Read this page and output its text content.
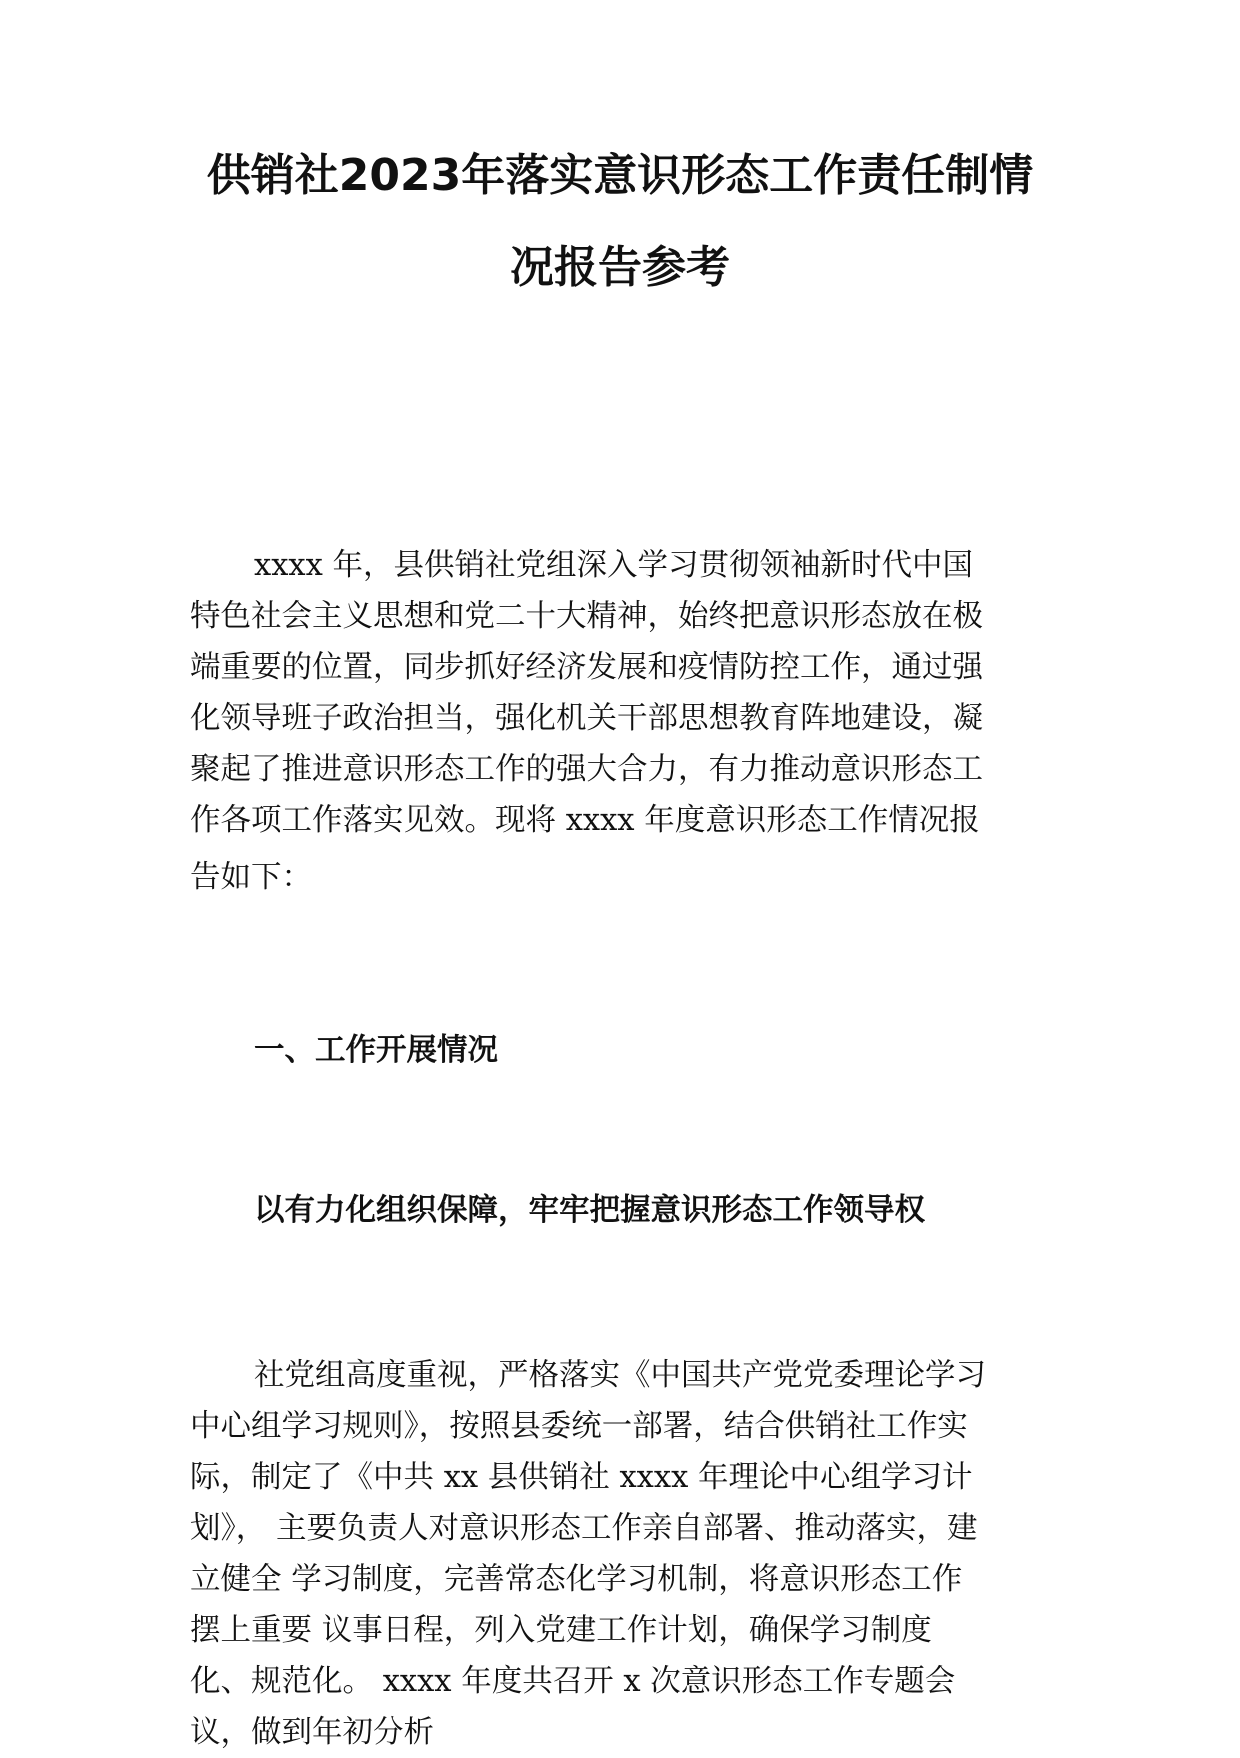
供销社2023年落实意识形态工作责任制情
况报告参考
xxxx 年，县供销社党组深入学习贯彻领袖新时代中国
特色社会主义思想和党二十大精神，始终把意识形态放在极
端重要的位置，同步抓好经济发展和疫情防控工作，通过强
化领导班子政治担当，强化机关干部思想教育阵地建设，凝
聚起了推进意识形态工作的强大合力，有力推动意识形态工
作各项工作落实见效。现将 xxxx 年度意识形态工作情况报
告如下：
一、工作开展情况
以有力化组织保障，牢牢把握意识形态工作领导权
社党组高度重视，严格落实《中国共产党党委理论学习
中心组学习规则》，按照县委统一部署，结合供销社工作实
际，制定了《中共 xx 县供销社 xxxx 年理论中心组学习计
划》， 主要负责人对意识形态工作亲自部署、推动落实，建
立健全 学习制度，完善常态化学习机制，将意识形态工作
摆上重要 议事日程，列入党建工作计划，确保学习制度
化、规范化。 xxxx 年度共召开 x 次意识形态工作专题会
议，做到年初分析
